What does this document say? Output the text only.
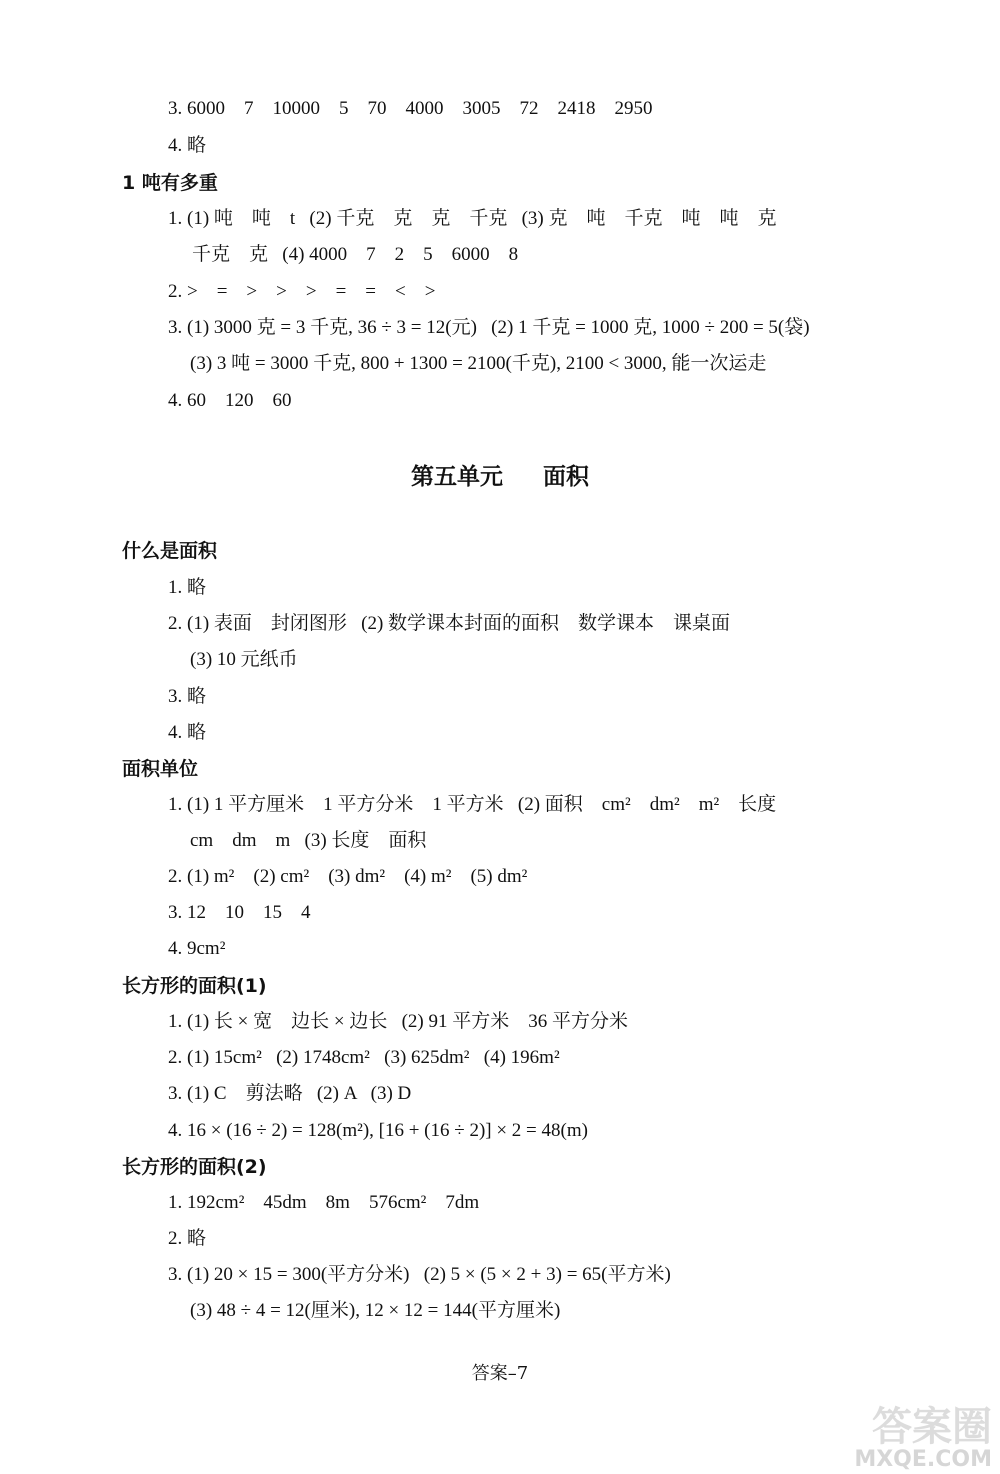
3. 6000    7    10000    5    70    4000    3005    72    2418    2950
4. 略
1 吨有多重
1. (1) 吨    吨    t   (2) 千克    克    克    千克   (3) 克    吨    千克    吨    吨    克
千克    克   (4) 4000    7    2    5    6000    8
2. >    =    >    >    >    =    =    <    >
3. (1) 3000 克 = 3 千克, 36 ÷ 3 = 12(元)   (2) 1 千克 = 1000 克, 1000 ÷ 200 = 5(袋)
(3) 3 吨 = 3000 千克, 800 + 1300 = 2100(千克), 2100 < 3000, 能一次运走
4. 60    120    60
第五单元     面积
什么是面积
1. 略
2. (1) 表面    封闭图形   (2) 数学课本封面的面积    数学课本    课桌面
(3) 10 元纸币
3. 略
4. 略
面积单位
1. (1) 1 平方厘米    1 平方分米    1 平方米   (2) 面积    cm²    dm²    m²    长度
cm    dm    m   (3) 长度    面积
2. (1) m²    (2) cm²    (3) dm²    (4) m²    (5) dm²
3. 12    10    15    4
4. 9cm²
长方形的面积(1)
1. (1) 长 × 宽    边长 × 边长   (2) 91 平方米    36 平方分米
2. (1) 15cm²   (2) 1748cm²   (3) 625dm²   (4) 196m²
3. (1) C    剪法略   (2) A   (3) D
4. 16 × (16 ÷ 2) = 128(m²), [16 + (16 ÷ 2)] × 2 = 48(m)
长方形的面积(2)
1. 192cm²    45dm    8m    576cm²    7dm
2. 略
3. (1) 20 × 15 = 300(平方分米)   (2) 5 × (5 × 2 + 3) = 65(平方米)
(3) 48 ÷ 4 = 12(厘米), 12 × 12 = 144(平方厘米)
答案–7
答案圈
MXQE.COM
